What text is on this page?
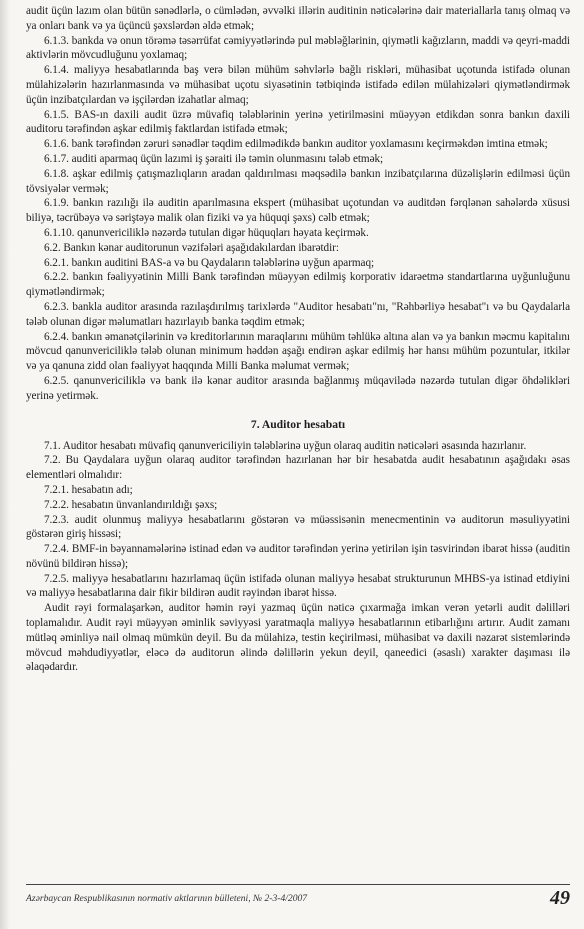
audit üçün lazım olan bütün sənədlərlə, o cümlədən, əvvəlki illərin auditinin nəticələrinə dair materiallarla tanış olmaq və ya onları bank və ya üçüncü şəxslərdən əldə etmək;

6.1.3. bankda və onun törəmə təsərrüfat cəmiyyətlərində pul məbləğlərinin, qiymətli kağızların, maddi və qeyri-maddi aktivlərin mövcudluğunu yoxlamaq;

6.1.4. maliyyə hesabatlarında baş verə bilən mühüm səhvlərlə bağlı riskləri, mühasibat uçotunda istifadə olunan mülahizələrin hazırlanmasında və mühasibat uçotu siyasətinin tətbiqində istifadə edilən mülahizələri qiymətləndirmək üçün inzibatçılardan və işçilərdən izahatlar almaq;

6.1.5. BAS-ın daxili audit üzrə müvafiq tələblərinin yerinə yetirilməsini müəyyən etdikdən sonra bankın daxili auditoru tərəfindən aşkar edilmiş faktlardan istifadə etmək;

6.1.6. bank tərəfindən zəruri sənədlər təqdim edilmədikdə bankın auditor yoxlamasını keçirməkdən imtina etmək;

6.1.7. auditi aparmaq üçün lazımi iş şəraiti ilə təmin olunmasını tələb etmək;

6.1.8. aşkar edilmiş çatışmazlıqların aradan qaldırılması məqsədilə bankın inzibatçılarına düzəlişlərin edilməsi üçün tövsiyələr vermək;

6.1.9. bankın razılığı ilə auditin aparılmasına ekspert (mühasibat uçotundan və auditdən fərqlənən sahələrdə xüsusi biliyə, təcrübəyə və səriştəyə malik olan fiziki və ya hüquqi şəxs) cəlb etmək;

6.1.10. qanunvericiliklə nəzərdə tutulan digər hüquqları həyata keçirmək.

6.2. Bankın kənar auditorunun vəzifələri aşağıdakılardan ibarətdir:

6.2.1. bankın auditini BAS-a və bu Qaydaların tələblərinə uyğun aparmaq;

6.2.2. bankın fəaliyyətinin Milli Bank tərəfindən müəyyən edilmiş korporativ idarəetmə standartlarına uyğunluğunu qiymətləndirmək;

6.2.3. bankla auditor arasında razılaşdırılmış tarixlərdə "Auditor hesabatı"nı, "Rəhbərliyə hesabat"ı və bu Qaydalarla tələb olunan digər məlumatları hazırlayıb banka təqdim etmək;

6.2.4. bankın əmanətçilərinin və kreditorlarının maraqlarını mühüm təhlükə altına alan və ya bankın məcmu kapitalını mövcud qanunvericiliklə tələb olunan minimum həddən aşağı endirən aşkar edilmiş hər hansı mühüm pozuntular, itkilər və ya qanuna zidd olan fəaliyyət haqqında Milli Banka məlumat vermək;

6.2.5. qanunvericiliklə və bank ilə kənar auditor arasında bağlanmış müqavilədə nəzərdə tutulan digər öhdəlikləri yerinə yetirmək.

7. Auditor hesabatı

7.1. Auditor hesabatı müvafiq qanunvericiliyin tələblərinə uyğun olaraq auditin nəticələri əsasında hazırlanır.

7.2. Bu Qaydalara uyğun olaraq auditor tərəfindən hazırlanan hər bir hesabatda audit hesabatının aşağıdakı əsas elementləri olmalıdır:

7.2.1. hesabatın adı;

7.2.2. hesabatın ünvanlandırıldığı şəxs;

7.2.3. audit olunmuş maliyyə hesabatlarını göstərən və müəssisənin menecmentinin və auditorun məsuliyyətini göstərən giriş hissəsi;

7.2.4. BMF-in bəyannamələrinə istinad edən və auditor tərəfindən yerinə yetirilən işin təsvirindən ibarət hissə (auditin növünü bildirən hissə);

7.2.5. maliyyə hesabatlarını hazırlamaq üçün istifadə olunan maliyyə hesabat strukturunun MHBS-ya istinad etdiyini və maliyyə hesabatlarına dair fikir bildirən audit rəyindən ibarət hissə.

Audit rəyi formalaşarkən, auditor həmin rəyi yazmaq üçün nəticə çıxarmağa imkan verən yetərli audit dəlilləri toplamalıdır. Audit rəyi müəyyən əminlik səviyyəsi yaratmaqla maliyyə hesabatlarının etibarlığını artırır. Audit zamanı mütləq əminliyə nail olmaq mümkün deyil. Bu da mülahizə, testin keçirilməsi, mühasibat və daxili nəzarət sistemlərində mövcud məhdudiyyətlər, eləcə də auditorun əlində dəlillərin yekun deyil, qaneedici (əsaslı) xarakter daşıması ilə əlaqədardır.

Azərbaycan Respublikasının normativ aktlarının bülleteni, № 2-3-4/2007	49
